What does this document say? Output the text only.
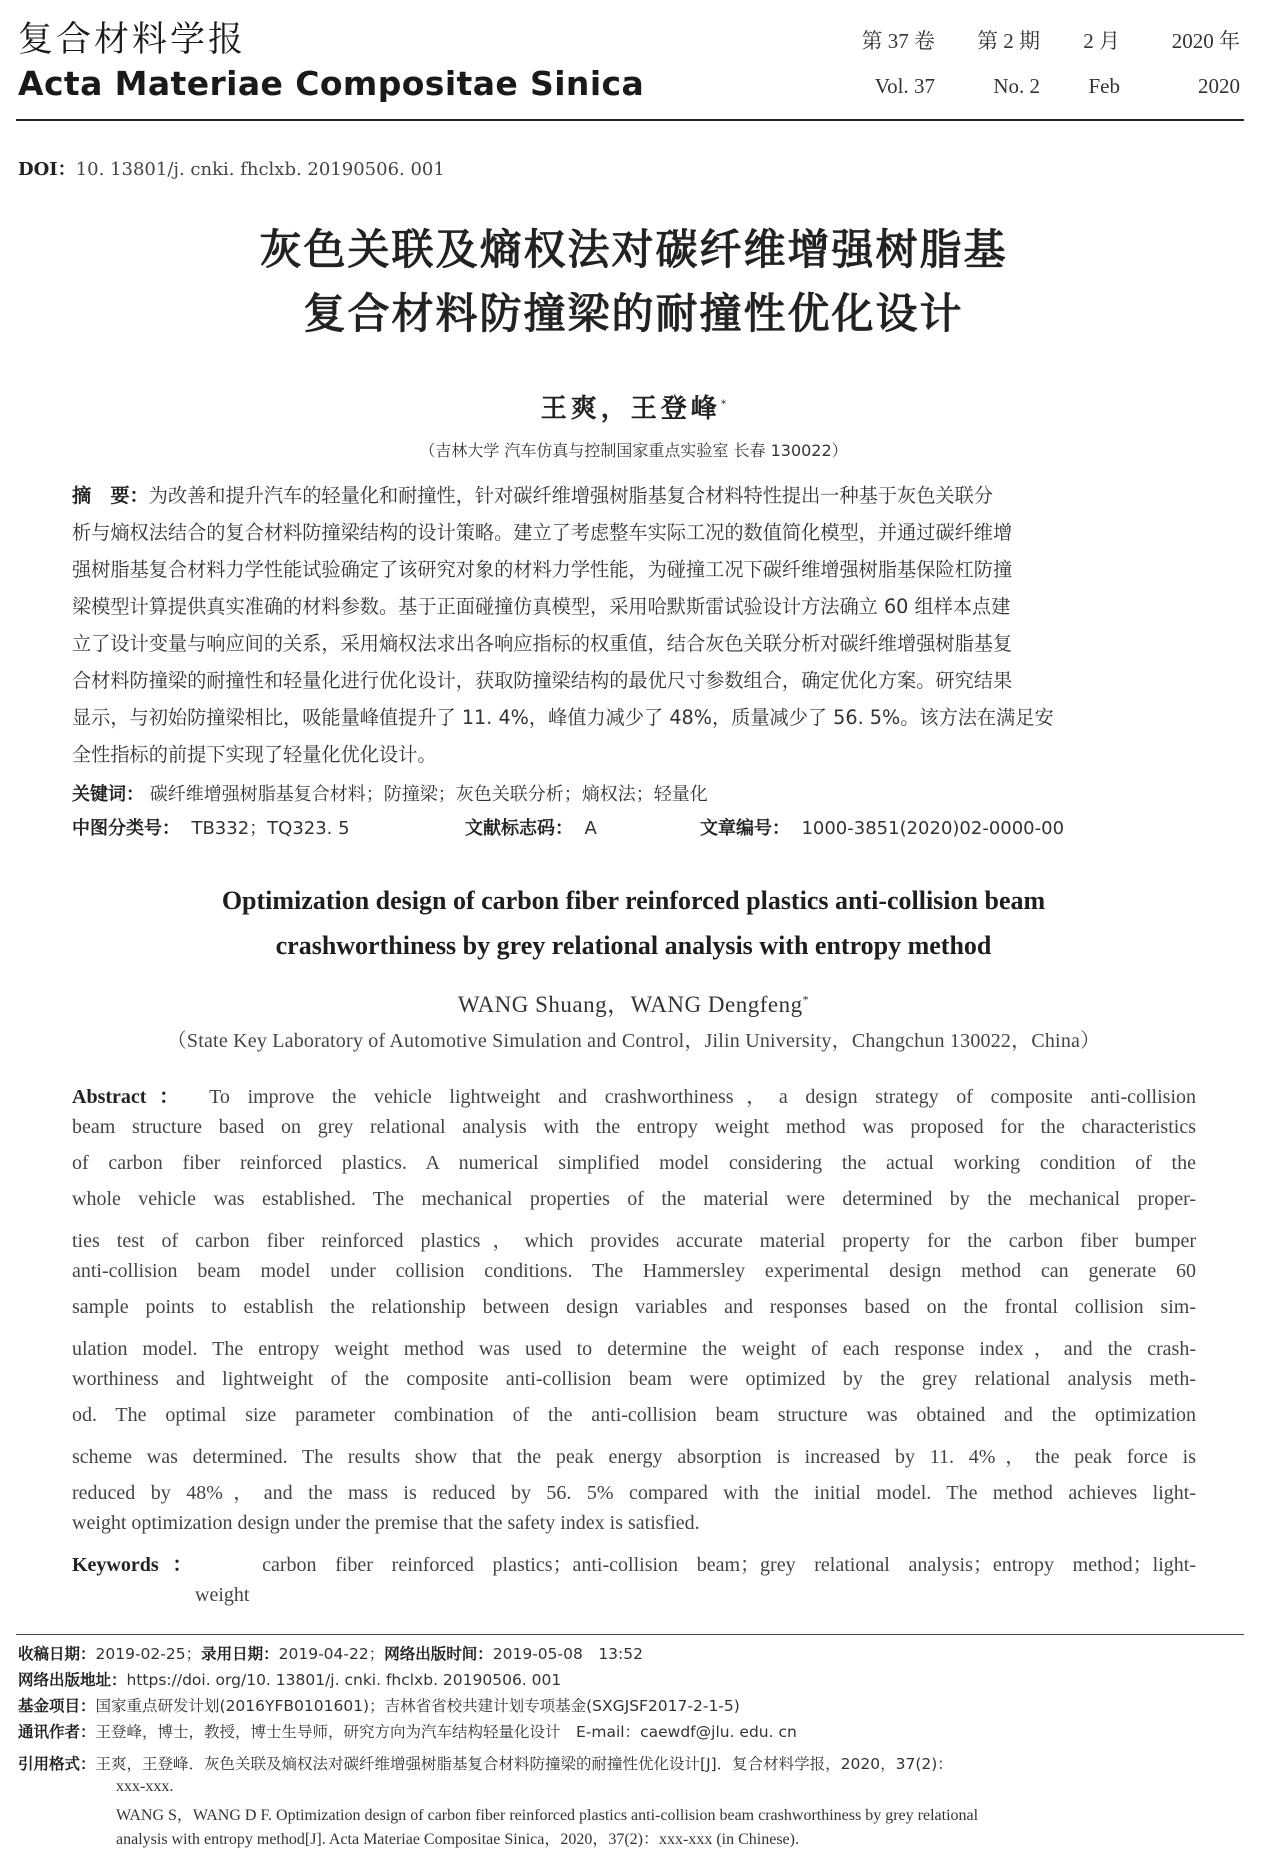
复合材料学报
Acta Materiae Compositae Sinica
第 37 卷	第 2 期	2 月	2020 年
Vol. 37	No. 2	Feb	2020
DOI：10. 13801/j. cnki. fhclxb. 20190506. 001
灰色关联及熵权法对碳纤维增强树脂基
复合材料防撞梁的耐撞性优化设计
王爽，王登峰*
（吉林大学 汽车仿真与控制国家重点实验室 长春 130022）
摘　要：为改善和提升汽车的轻量化和耐撞性，针对碳纤维增强树脂基复合材料特性提出一种基于灰色关联分
析与熵权法结合的复合材料防撞梁结构的设计策略。建立了考虑整车实际工况的数值简化模型，并通过碳纤维增
强树脂基复合材料力学性能试验确定了该研究对象的材料力学性能，为碰撞工况下碳纤维增强树脂基保险杠防撞
梁模型计算提供真实准确的材料参数。基于正面碰撞仿真模型，采用哈默斯雷试验设计方法确立 60 组样本点建
立了设计变量与响应间的关系，采用熵权法求出各响应指标的权重值，结合灰色关联分析对碳纤维增强树脂基复
合材料防撞梁的耐撞性和轻量化进行优化设计，获取防撞梁结构的最优尺寸参数组合，确定优化方案。研究结果
显示，与初始防撞梁相比，吸能量峰值提升了 11. 4%，峰值力减少了 48%，质量减少了 56. 5%。该方法在满足安
全性指标的前提下实现了轻量化优化设计。
关键词： 碳纤维增强树脂基复合材料；防撞梁；灰色关联分析；熵权法；轻量化
中图分类号： TB332；TQ323. 5	文献标志码： A	文章编号： 1000-3851(2020)02-0000-00
Optimization design of carbon fiber reinforced plastics anti-collision beam
crashworthiness by grey relational analysis with entropy method
WANG Shuang，WANG Dengfeng*
（State Key Laboratory of Automotive Simulation and Control，Jilin University，Changchun 130022，China）
Abstract： To improve the vehicle lightweight and crashworthiness，a design strategy of composite anti-collision
beam structure based on grey relational analysis with the entropy weight method was proposed for the characteristics
of carbon fiber reinforced plastics. A numerical simplified model considering the actual working condition of the
whole vehicle was established. The mechanical properties of the material were determined by the mechanical proper-
ties test of carbon fiber reinforced plastics，which provides accurate material property for the carbon fiber bumper
anti-collision beam model under collision conditions. The Hammersley experimental design method can generate 60
sample points to establish the relationship between design variables and responses based on the frontal collision sim-
ulation model. The entropy weight method was used to determine the weight of each response index，and the crash-
worthiness and lightweight of the composite anti-collision beam were optimized by the grey relational analysis meth-
od. The optimal size parameter combination of the anti-collision beam structure was obtained and the optimization
scheme was determined. The results show that the peak energy absorption is increased by 11. 4%，the peak force is
reduced by 48%，and the mass is reduced by 56. 5% compared with the initial model. The method achieves light-
weight optimization design under the premise that the safety index is satisfied.
Keywords：	carbon fiber reinforced plastics；anti-collision beam；grey relational analysis；entropy method；light-
weight
收稿日期：2019-02-25；录用日期：2019-04-22；网络出版时间：2019-05-08　13:52
网络出版地址：https://doi. org/10. 13801/j. cnki. fhclxb. 20190506. 001
基金项目：国家重点研发计划(2016YFB0101601)；吉林省省校共建计划专项基金(SXGJSF2017-2-1-5)
通讯作者：王登峰，博士，教授，博士生导师，研究方向为汽车结构轻量化设计　E-mail：caewdf@jlu. edu. cn
引用格式：王爽，王登峰．灰色关联及熵权法对碳纤维增强树脂基复合材料防撞梁的耐撞性优化设计[J]．复合材料学报，2020，37(2)：
xxx-xxx.
WANG S，WANG D F. Optimization design of carbon fiber reinforced plastics anti-collision beam crashworthiness by grey relational
analysis with entropy method[J]. Acta Materiae Compositae Sinica，2020，37(2)：xxx-xxx (in Chinese).
